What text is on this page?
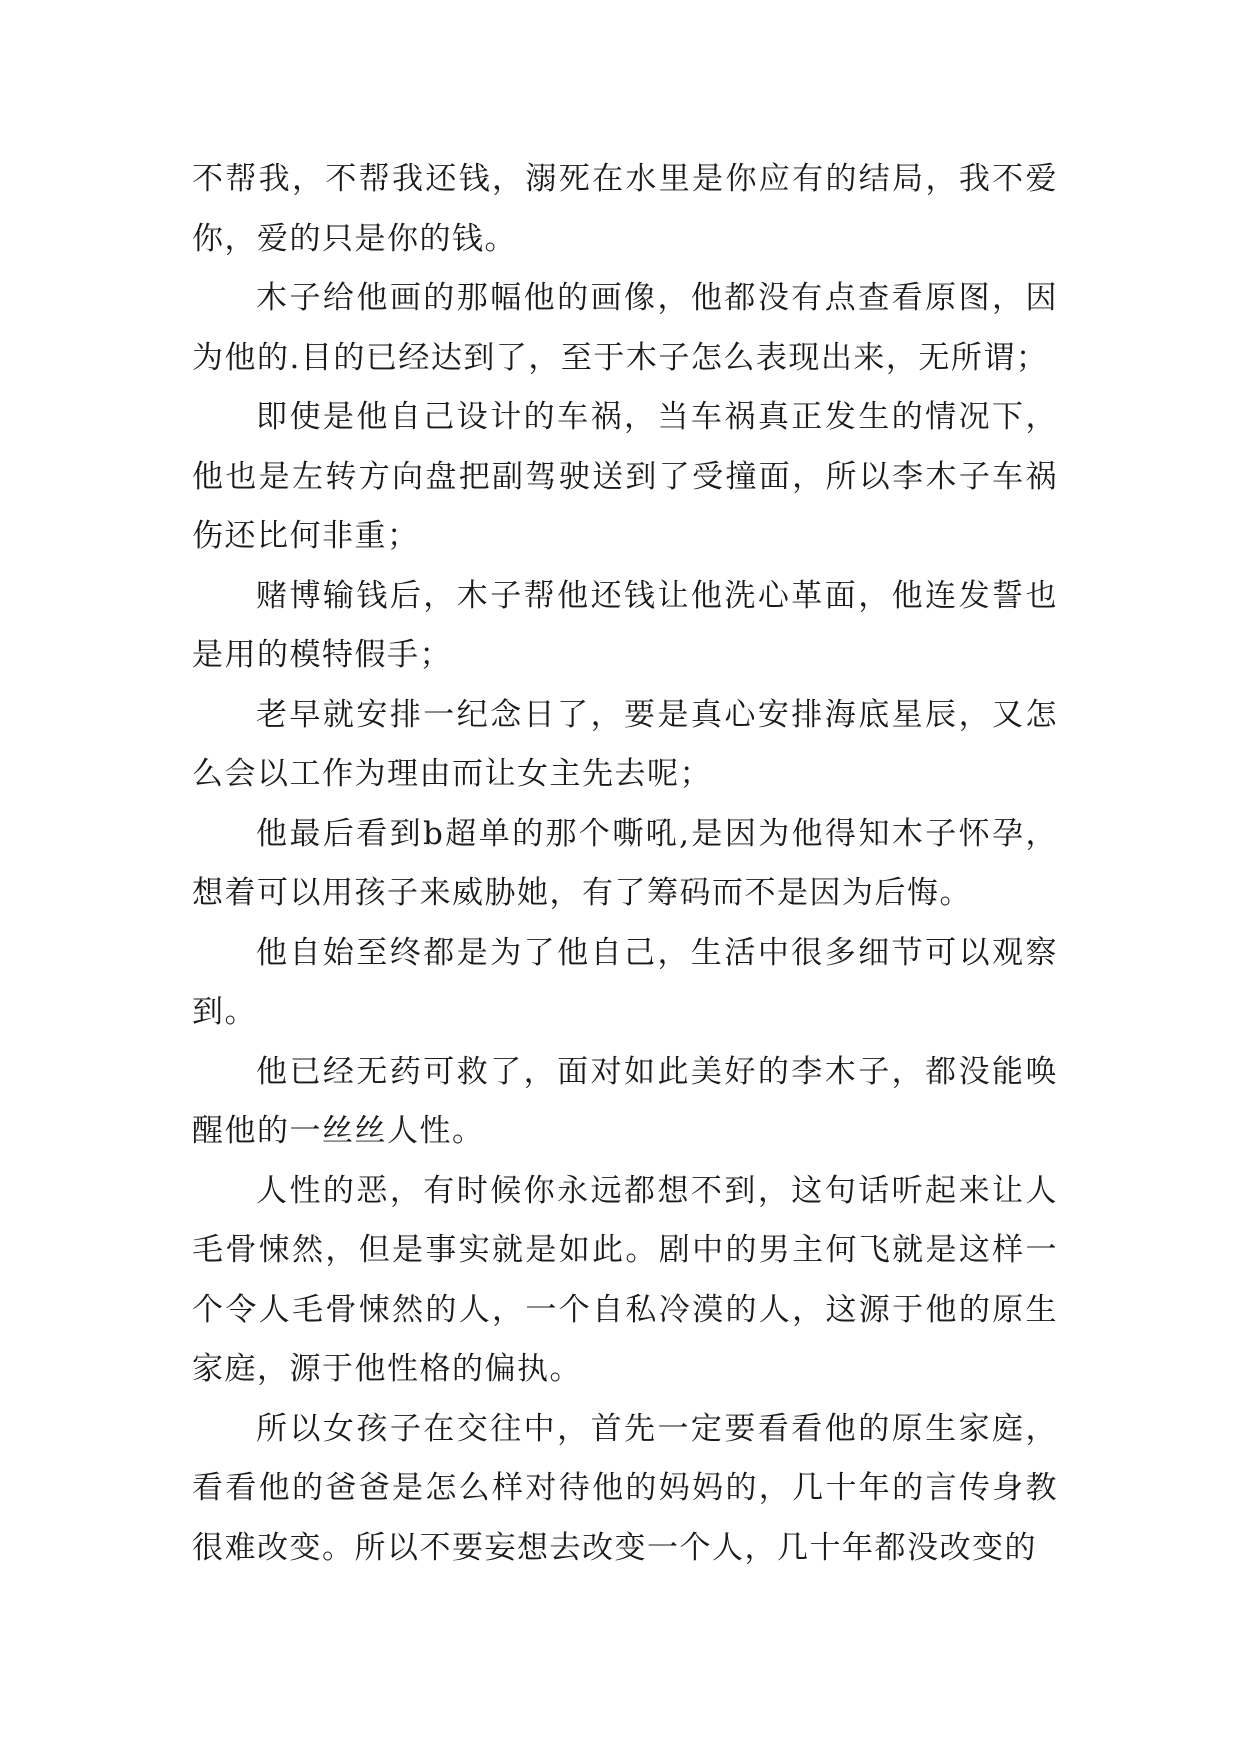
不帮我，不帮我还钱，溺死在水里是你应有的结局，我不爱你，爱的只是你的钱。

木子给他画的那幅他的画像，他都没有点查看原图，因为他的.目的已经达到了，至于木子怎么表现出来，无所谓；

即使是他自己设计的车祸，当车祸真正发生的情况下，他也是左转方向盘把副驾驶送到了受撞面，所以李木子车祸伤还比何非重；

赌博输钱后，木子帮他还钱让他洗心革面，他连发誓也是用的模特假手；

老早就安排一纪念日了，要是真心安排海底星辰，又怎么会以工作为理由而让女主先去呢；

他最后看到b超单的那个嘶吼,是因为他得知木子怀孕，想着可以用孩子来威胁她，有了筹码而不是因为后悔。

他自始至终都是为了他自己，生活中很多细节可以观察到。

他已经无药可救了，面对如此美好的李木子，都没能唤醒他的一丝丝人性。

人性的恶，有时候你永远都想不到，这句话听起来让人毛骨悚然，但是事实就是如此。剧中的男主何飞就是这样一个令人毛骨悚然的人，一个自私冷漠的人，这源于他的原生家庭，源于他性格的偏执。

所以女孩子在交往中，首先一定要看看他的原生家庭，看看他的爸爸是怎么样对待他的妈妈的，几十年的言传身教很难改变。所以不要妄想去改变一个人，几十年都没改变的
